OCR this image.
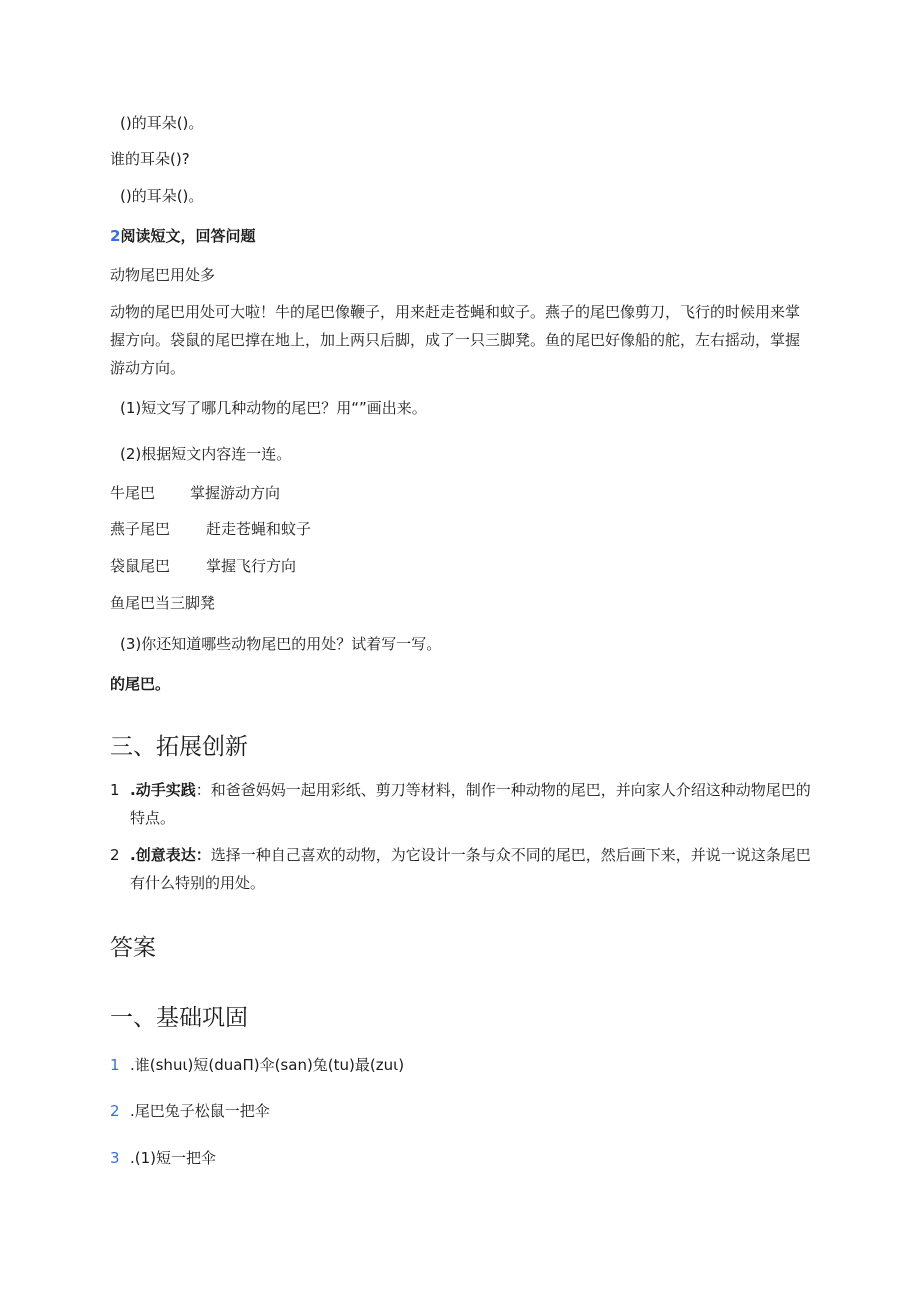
()的耳朵()。
谁的耳朵()?
()的耳朵()。
2阅读短文，回答问题
动物尾巴用处多
动物的尾巴用处可大啦！牛的尾巴像鞭子，用来赶走苍蝇和蚊子。燕子的尾巴像剪刀，飞行的时候用来掌握方向。袋鼠的尾巴撑在地上，加上两只后脚，成了一只三脚凳。鱼的尾巴好像船的舵，左右摇动，掌握游动方向。
(1)短文写了哪几种动物的尾巴？用“”画出来。
(2)根据短文内容连一连。
牛尾巴 掌握游动方向
燕子尾巴 赶走苍蝇和蚊子
袋鼠尾巴 掌握飞行方向
鱼尾巴当三脚凳
(3)你还知道哪些动物尾巴的用处？试着写一写。
的尾巴。
三、拓展创新
1 .动手实践：和爸爸妈妈一起用彩纸、剪刀等材料，制作一种动物的尾巴，并向家人介绍这种动物尾巴的特点。
2 .创意表达：选择一种自己喜欢的动物，为它设计一条与众不同的尾巴，然后画下来，并说一说这条尾巴有什么特别的用处。
答案
一、基础巩固
1 .谁(shuι)短(duaΠ)伞(san)兔(tu)最(zuι)
2 .尾巴兔子松鼠一把伞
3 .(1)短一把伞
